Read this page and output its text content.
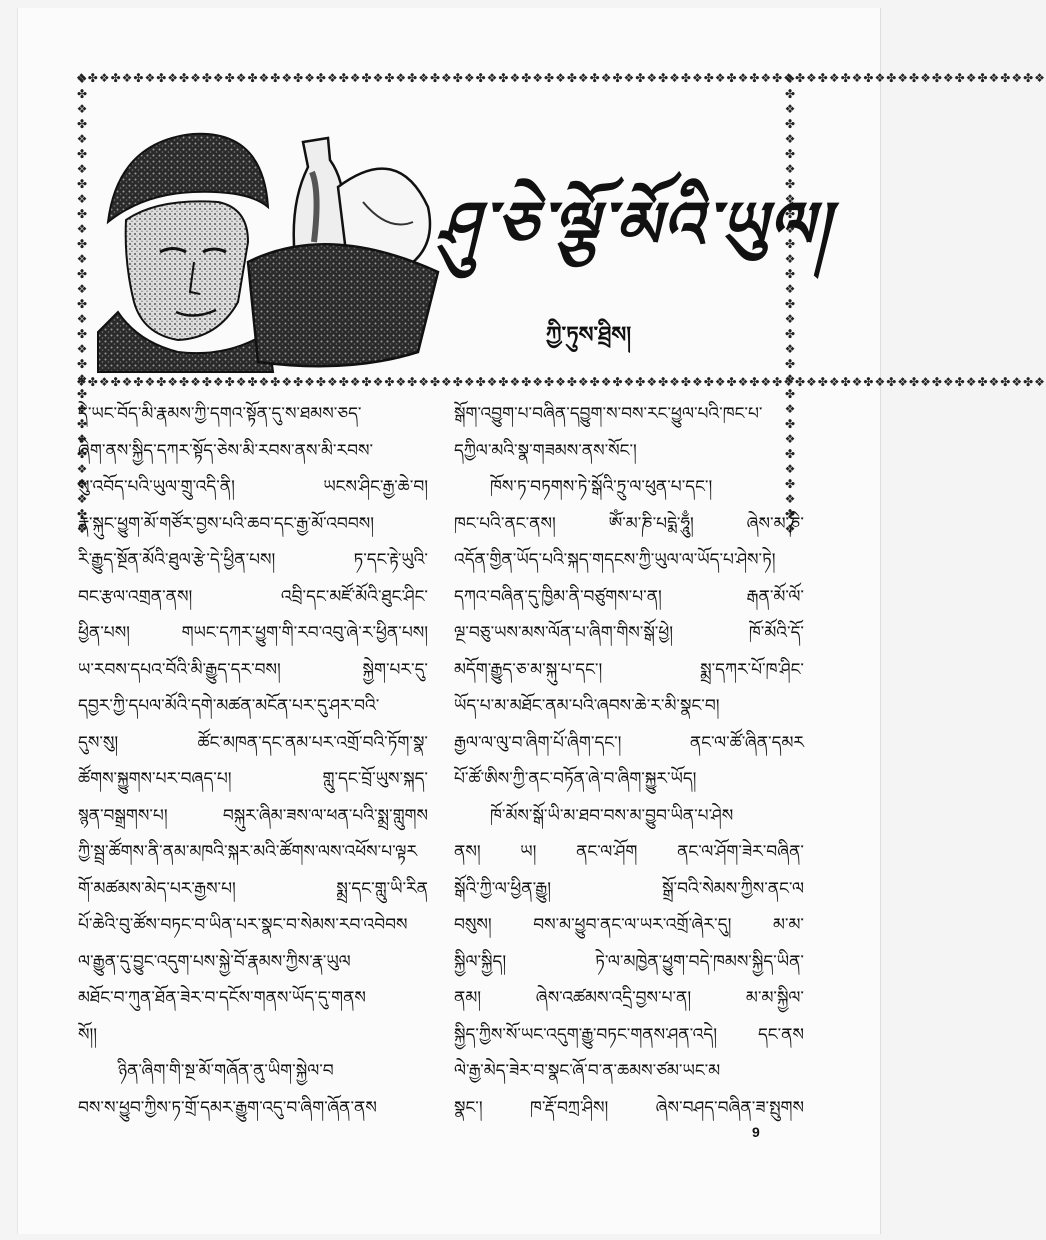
❖✤❖✤❖✤❖✤❖✤❖✤❖✤❖✤❖✤❖✤❖✤❖✤❖✤❖✤❖✤❖✤❖✤❖✤❖✤❖✤❖✤❖✤❖✤❖✤❖✤❖✤❖✤❖✤❖✤❖✤❖✤❖✤❖✤❖✤❖✤❖✤❖✤❖✤❖✤❖✤❖✤❖✤❖
❖✤❖✤❖✤❖✤❖✤❖✤❖✤❖✤❖✤❖✤❖✤❖✤❖✤❖✤❖✤❖✤❖✤❖✤❖✤❖✤❖✤❖✤❖✤❖✤❖✤❖✤❖✤❖✤❖✤❖✤❖✤❖✤❖✤❖✤❖✤❖✤❖✤❖✤❖✤❖✤❖✤❖✤❖
❖✤❖✤❖✤❖✤❖✤❖✤❖✤❖✤❖✤❖✤❖✤❖✤❖✤❖✤❖✤❖	❖✤❖✤❖✤❖✤❖✤❖✤❖✤❖✤❖✤❖✤❖✤❖✤❖✤❖✤❖✤❖
ཤུ་ཅེ་ལྕོ་མོའི་ཡུལ།
ཀྱི་ཏུས་ཐྲིས།
དེ་ཡང་བོད་མི་རྣམས་ཀྱི་དགའ་སྟོན་དུ་ས་ཐམས་ཅད་
ཞིག་ནས་སྐྱིད་དཀར་སྟོད་ཅེས་མི་རབས་ནས་མི་རབས་
སུ་འབོད་པའི་ཡུལ་གྲུ་འདི་ནི། ཡངས་ཤིང་རྒྱ་ཆེ་བ།
རྣ་སྐུང་ཕྱུག་མོ་གཙོར་བྱས་པའི་ཆབ་དང་རྒྱ་མོ་འབབས།
རི་རྒྱུད་སྔོན་མོའི་ཐུལ་རྩེ་དེ་ཕྱིན་པས། ཏ་དང་རྟེ་ཡུའི་
བང་རྩལ་འགྲན་ནས། འབྲི་དང་མཛོ་མོའི་ཐུང་ཤིང་
ཕྱིན་པས། གཡང་དཀར་ཕྱུག་གི་རབ་འབུ་ཞེ་ར་ཕྱིན་པས།
ཡ་རབས་དཔའ་བོའི་མི་རྒྱུད་དར་བས། སྐྱེག་པར་དུ་
དབྱར་ཀྱི་དཔལ་མོའི་དགེ་མཚན་མངོན་པར་དུ་ཤར་བའི་
དུས་སུ། ཚོང་མཁན་དང་ནམ་པར་འགྲོ་བའི་ཏོག་སྣ་
ཚོགས་སྐྱུགས་པར་བཞད་པ། གླུ་དང་བྲོ་ཡུས་སྐད་
སྙན་བསྒྲགས་པ། བསྐུར་ཞིམ་ཟས་ལ་ཕན་པའི་སྨྲ་གླུགས
ཀྱི་སྦྲ་ཚོགས་ནི་ནམ་མཁའི་སྐར་མའི་ཚོགས་ལས་འཕོས་པ་ལྟར
གོ་མཚམས་མེད་པར་རྒྱས་པ། སྨྲ་དང་གླུ་ཡི་རིན
པོ་ཆེའི་བུ་ཚོས་བཏང་བ་ཡིན་པར་སྣང་བ་སེམས་རབ་འབེབས
ལ་རྒྱུན་དུ་བྱུང་འདུག་པས་སྐྱེ་བོ་རྣམས་ཀྱིས་རྣ་ཡུལ
མཐོང་བ་ཀུན་ཐོན་ཟེར་བ་དངོས་གནས་ཡོད་དུ་གནས
སོ།།
ཉིན་ཞིག་གི་སྔ་མོ་གཞོན་ནུ་ཡིག་སྐྱེལ་བ
བས་ས་ཕྱུབ་ཀྱིས་ཏ་གྲོ་དམར་རྒྱུག་འདུ་བ་ཞིག་ཞོན་ནས
སྒོག་འབྱུག་པ་བཞིན་དབྱུག་ས་བས་རང་ཕྱུལ་པའི་ཁང་པ་
དཀྱིལ་མའི་སྣ་གཟམས་ནས་སོང་།
ཁོས་ཏ་བཏགས་ཏེ་སྒོའི་ཏྲུ་ལ་ཕུན་པ་དང་།
ཁང་པའི་ནང་ནས། ཨོཾ་མ་ཎི་པདྨེ་ཧཱུྃ། ཞེས་མ་ཎི་
འདོན་གྱིན་ཡོད་པའི་སྐད་གདངས་ཀྱི་ཡུལ་ལ་ཡོད་པ་ཤེས་ཏེ།
དཀའ་བཞིན་དུ་ཁྱིམ་ནི་བཙུགས་པ་ན། རྒན་མོ་ལོ་
ལྔ་བཅུ་ཡས་མས་ལོན་པ་ཞིག་གིས་སྒོ་ཕྱེ། ཁོ་མོའི་དོ་
མདོག་རྒྱུད་ཅ་མ་སྐུ་པ་དང་། སྨྲ་དཀར་པོ་ཁ་ཤིང་
ཡོད་པ་མ་མཐོང་ནམ་པའི་ཞབས་ཆེ་ར་མི་སྣང་བ།
རྒྱལ་ལ་ལུ་བ་ཞིག་པོ་ཞིག་དང་། ནང་ལ་ཚོ་ཞིན་དམར
པོ་ཚོ་ཨིས་ཀྱི་ནང་བཏོན་ཞེ་བ་ཞིག་སྐྱུར་ཡོད།
ཁོ་མོས་སྒོ་ཡི་མ་ཐབ་བས་མ་བྱུབ་ཡིན་པ་ཤེས
ནས། ཡ། ནང་ལ་ཤོག ནང་ལ་ཤོག་ཟེར་བཞིན་
སྒོའི་ཀྱི་ལ་ཕྱིན་རྒྱུ། སྒྲོ་བའི་སེམས་ཀྱིས་ནང་ལ
བསུས། བས་མ་ཕྱུབ་ནང་ལ་ཡར་འགྲོ་ཞེར་དུ། མ་མ་
སྐྱིལ་སྐྱིད། ཏེ་ལ་མཁྱེན་ཕྱུག་བདེ་ཁམས་སྐྱིད་ཡིན་
ནམ། ཞེས་འཚམས་འདྲི་བྱས་པ་ན། མ་མ་སྐྱིལ་
སྐྱིད་ཀྱིས་སོ་ཡང་འདུག་རྒྱུ་བཏང་གནས་ཤན་འདེ། དང་ནས
ལེ་རྒྱ་མེད་ཟེར་བ་སྣང་ཞོ་བ་ན་ཆམས་ཙམ་ཡང་མ
སྣང་། ཁ་རྡོ་བཀྲ་ཤིས། ཞེས་བཤད་བཞིན་ཟ་སྤུགས
9
